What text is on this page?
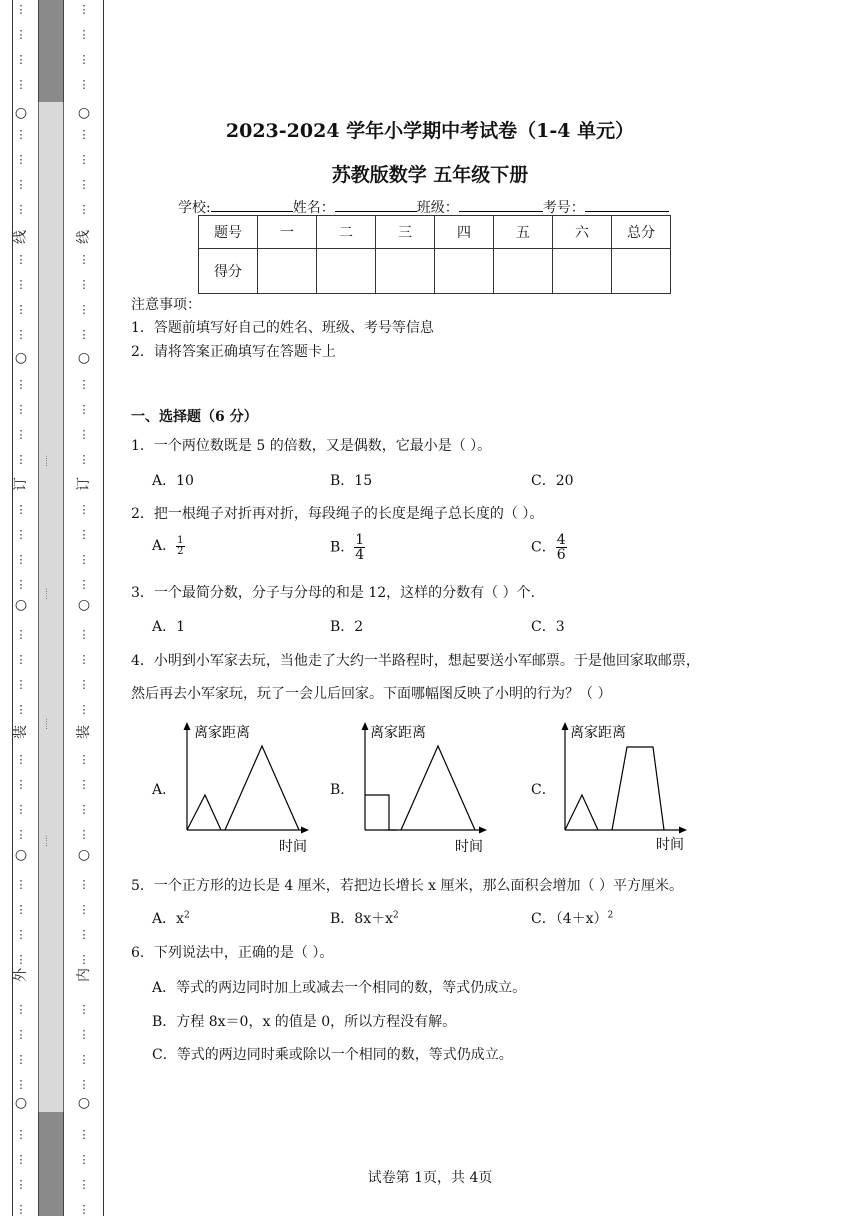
…‥
…‥
…‥
…‥
⋮
⋮
⋮
⋮
⋮
⋮
⋮
⋮
⋮
⋮
⋮
⋮
⋮
⋮
⋮
⋮
⋮
⋮
⋮
⋮
⋮
⋮
⋮
⋮
⋮
⋮
⋮
⋮
⋮
⋮
⋮
⋮
⋮
⋮
⋮
⋮
⋮
⋮
⋮
⋮
○
○
○
○
○
线
订
装
外
⋮
⋮
⋮
⋮
⋮
⋮
⋮
⋮
⋮
⋮
⋮
⋮
⋮
⋮
⋮
⋮
⋮
⋮
⋮
⋮
⋮
⋮
⋮
⋮
⋮
⋮
⋮
⋮
⋮
⋮
⋮
⋮
⋮
⋮
⋮
⋮
⋮
⋮
⋮
⋮
○
○
○
○
○
线
订
装
内
2023-2024 学年小学期中考试卷（1-4 单元）
苏教版数学 五年级下册
学校:	姓名：	班级：	考号：
题号	一	二	三	四	五	六	总分
得分							
注意事项：
1．答题前填写好自己的姓名、班级、考号等信息
2．请将答案正确填写在答题卡上
一、选择题（6 分）
1．一个两位数既是 5 的倍数，又是偶数，它最小是（ ）。
A．10	B．15	C．20
2．把一根绳子对折再对折，每段绳子的长度是绳子总长度的（ ）。
A． $\frac{1}{2}$	B． $\frac{1}{4}$	C． $\frac{4}{6}$
3．一个最简分数，分子与分母的和是 12，这样的分数有（ ）个.
A．1	B．2	C．3
4．小明到小军家去玩，当他走了大约一半路程时，想起要送小军邮票。于是他回家取邮票，
然后再去小军家玩，玩了一会儿后回家。下面哪幅图反映了小明的行为？（ ）
A．
离家距离
时间
B．
离家距离
时间
C．
离家距离
时间
5．一个正方形的边长是 4 厘米，若把边长增长 x 厘米，那么面积会增加（ ）平方厘米。
A．$x^2$	B．$8x+x^2$	C．$(4+x)^2$
6．下列说法中，正确的是（ ）。
A．等式的两边同时加上或减去一个相同的数，等式仍成立。
B．方程 8x＝0，x 的值是 0，所以方程没有解。
C．等式的两边同时乘或除以一个相同的数，等式仍成立。
试卷第 1页，共 4页
